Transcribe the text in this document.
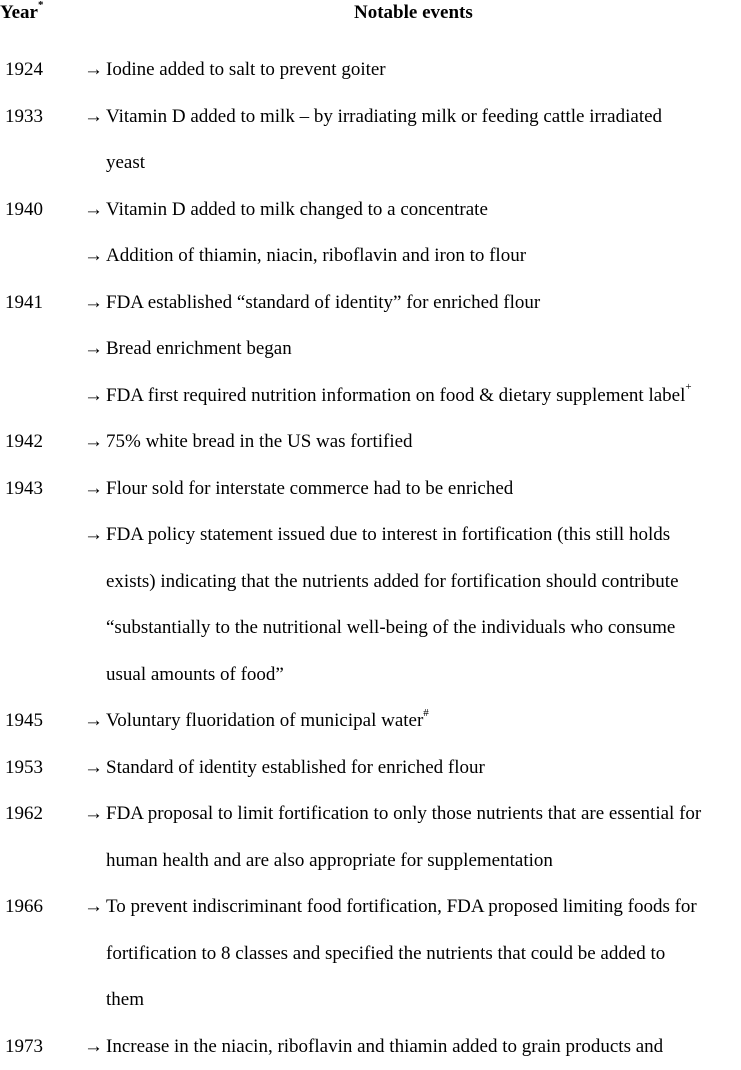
Year*	Notable events
1924 → Iodine added to salt to prevent goiter
1933 → Vitamin D added to milk – by irradiating milk or feeding cattle irradiated
yeast
1940 → Vitamin D added to milk changed to a concentrate
→ Addition of thiamin, niacin, riboflavin and iron to flour
1941 → FDA established “standard of identity” for enriched flour
→ Bread enrichment began
→ FDA first required nutrition information on food & dietary supplement label+
1942 → 75% white bread in the US was fortified
1943 → Flour sold for interstate commerce had to be enriched
→ FDA policy statement issued due to interest in fortification (this still holds
exists) indicating that the nutrients added for fortification should contribute
“substantially to the nutritional well-being of the individuals who consume
usual amounts of food”
1945 → Voluntary fluoridation of municipal water#
1953 → Standard of identity established for enriched flour
1962 → FDA proposal to limit fortification to only those nutrients that are essential for
human health and are also appropriate for supplementation
1966 → To prevent indiscriminant food fortification, FDA proposed limiting foods for
fortification to 8 classes and specified the nutrients that could be added to
them
1973 → Increase in the niacin, riboflavin and thiamin added to grain products and
